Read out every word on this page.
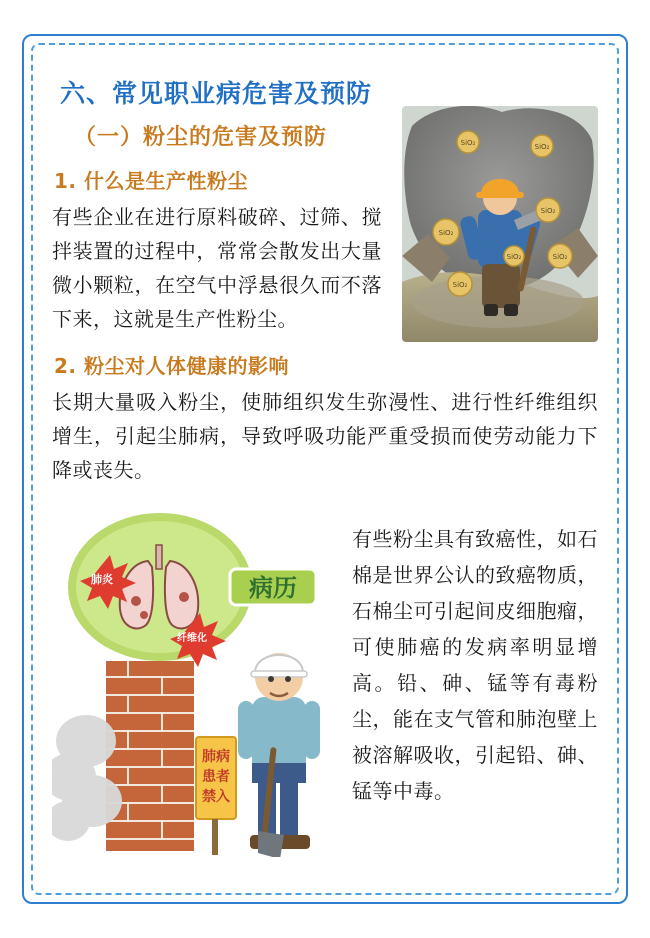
SiO₂
SiO₂
SiO₂
SiO₂
SiO₂	SiO₂
SiO₂
六、常见职业病危害及预防
（一）粉尘的危害及预防
1. 什么是生产性粉尘

有些企业在进行原料破碎、过筛、搅拌装置的过程中，常常会散发出大量微小颗粒，在空气中浮悬很久而不落下来，这就是生产性粉尘。

2. 粉尘对人体健康的影响

长期大量吸入粉尘，使肺组织发生弥漫性、进行性纤维组织增生，引起尘肺病，导致呼吸功能严重受损而使劳动能力下降或丧失。

肺炎
纤维化
病历
肺病
患者
禁入

有些粉尘具有致癌性，如石棉是世界公认的致癌物质，石棉尘可引起间皮细胞瘤，可使肺癌的发病率明显增高。铅、砷、锰等有毒粉尘，能在支气管和肺泡壁上被溶解吸收，引起铅、砷、锰等中毒。
